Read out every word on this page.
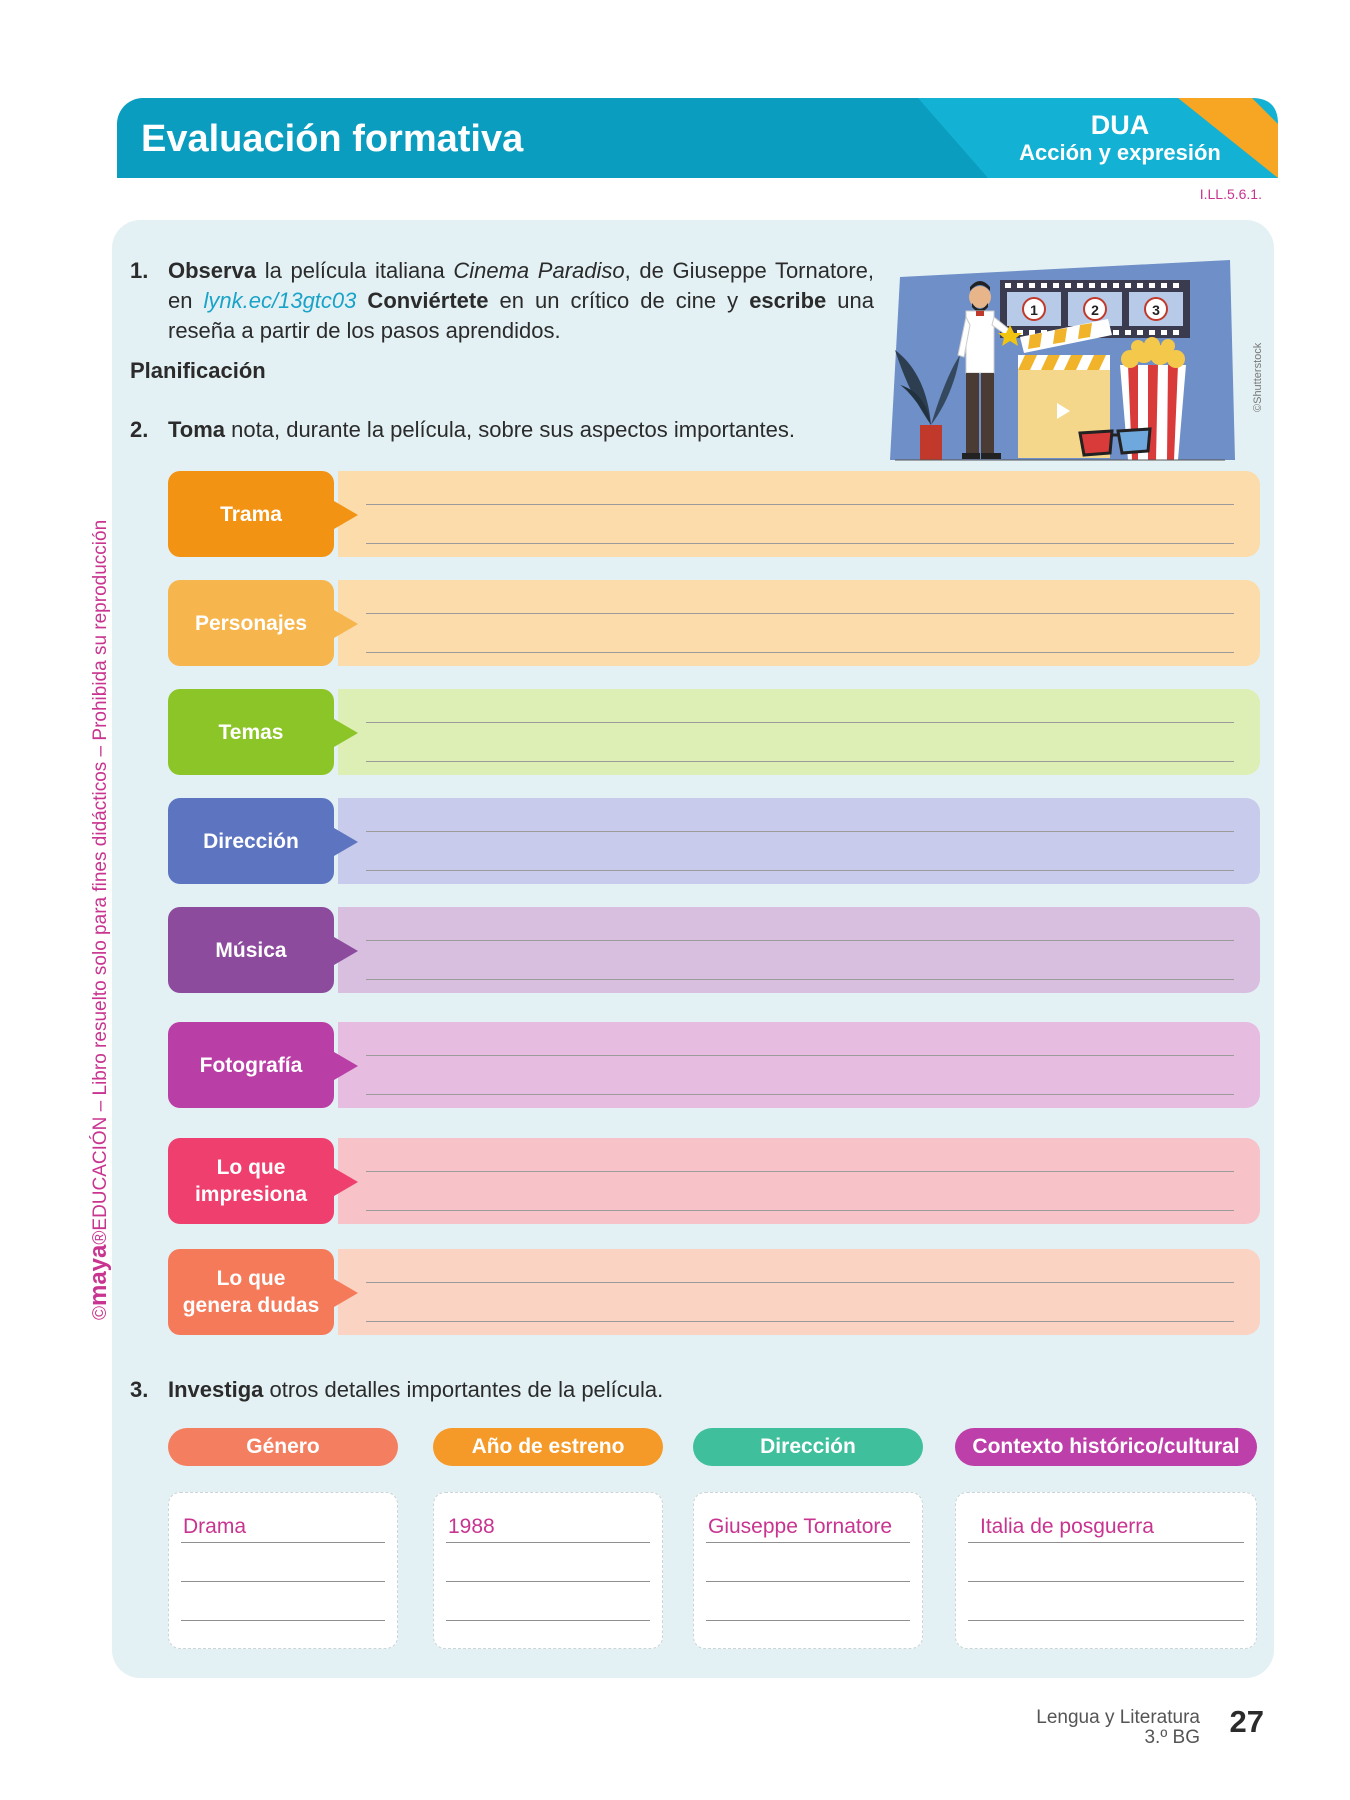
Evaluación formativa	DUA
Acción y expresión
I.LL.5.6.1.
©maya®EDUCACIÓN – Libro resuelto solo para fines didácticos – Prohibida su reproducción
1. Observa la película italiana Cinema Paradiso, de Giuseppe Tornatore, en lynk.ec/13gtc03 Conviértete en un crítico de cine y escribe una reseña a partir de los pasos aprendidos.
Planificación
2. Toma nota, durante la película, sobre sus aspectos importantes.
1	2	3
©Shutterstock
Trama
Personajes
Temas
Dirección
Música
Fotografía
Lo que impresiona
Lo que genera dudas
3. Investiga otros detalles importantes de la película.
Género	Año de estreno	Dirección	Contexto histórico/cultural
Drama	1988	Giuseppe Tornatore	Italia de posguerra
Lengua y Literatura
3.º BG 27
